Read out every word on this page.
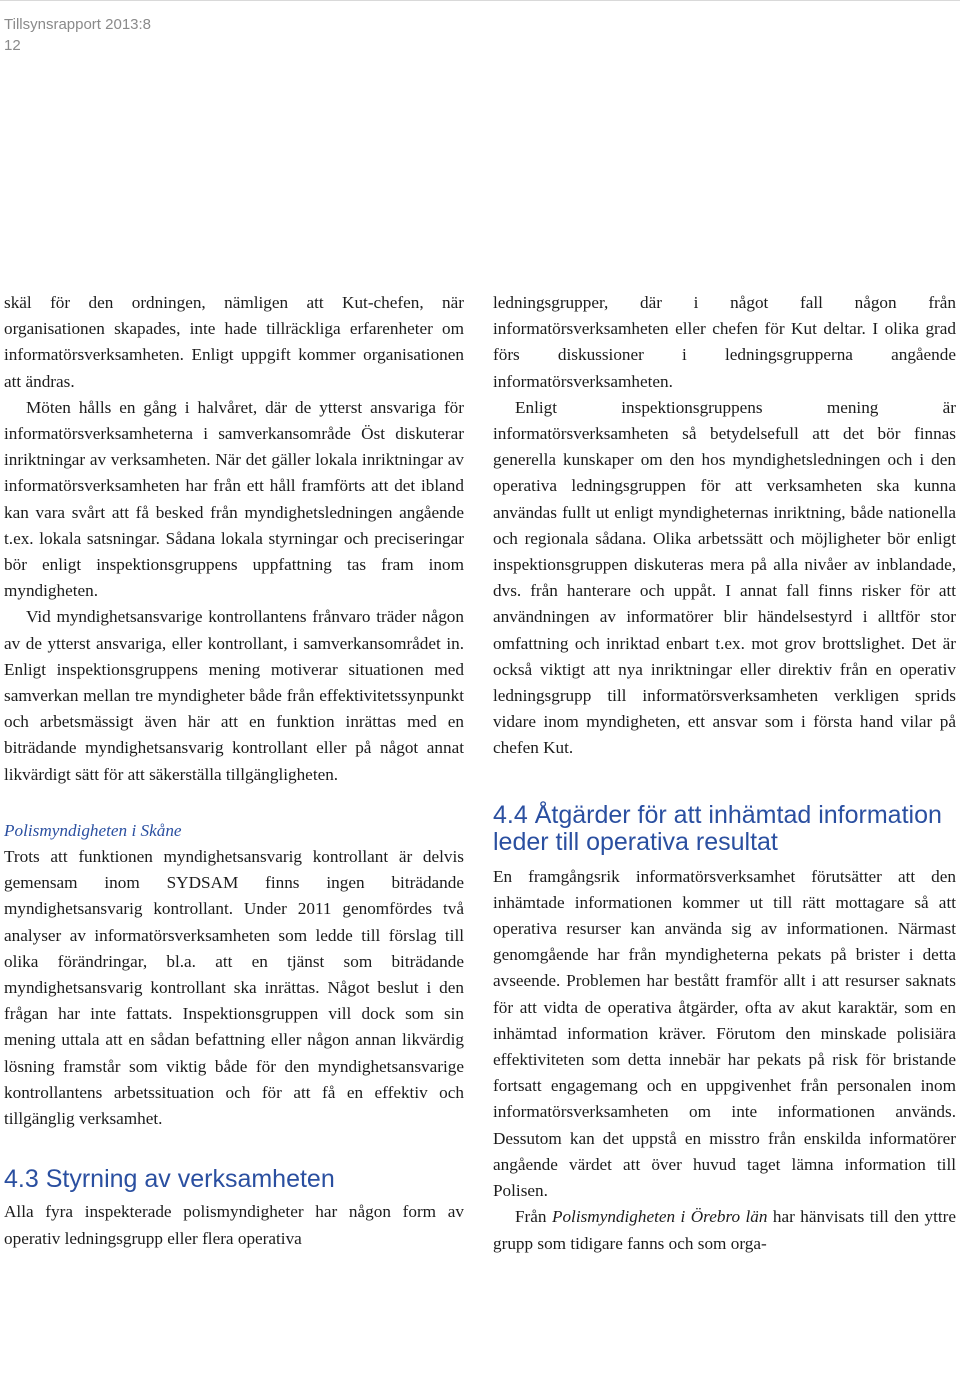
Tillsynsrapport 2013:8
12

skäl för den ordningen, nämligen att Kut-chefen, när organisationen skapades, inte hade tillräckliga erfarenheter om informatörsverksamheten. Enligt uppgift kommer organisationen att ändras.

Möten hålls en gång i halvåret, där de ytterst ansvariga för informatörsverksamheterna i samverkansområde Öst diskuterar inriktningar av verksamheten. När det gäller lokala inriktningar av informatörsverksamheten har från ett håll framförts att det ibland kan vara svårt att få besked från myndighetsledningen angående t.ex. lokala satsningar. Sådana lokala styrningar och preciseringar bör enligt inspektionsgruppens uppfattning tas fram inom myndigheten.

Vid myndighetsansvarige kontrollantens frånvaro träder någon av de ytterst ansvariga, eller kontrollant, i samverkansområdet in. Enligt inspektionsgruppens mening motiverar situationen med samverkan mellan tre myndigheter både från effektivitetssynpunkt och arbetsmässigt även här att en funktion inrättas med en biträdande myndighetsansvarig kontrollant eller på något annat likvärdigt sätt för att säkerställa tillgängligheten.

Polismyndigheten i Skåne

Trots att funktionen myndighetsansvarig kontrollant är delvis gemensam inom SYDSAM finns ingen biträdande myndighetsansvarig kontrollant. Under 2011 genomfördes två analyser av informatörsverksamheten som ledde till förslag till olika förändringar, bl.a. att en tjänst som biträdande myndighetsansvarig kontrollant ska inrättas. Något beslut i den frågan har inte fattats. Inspektionsgruppen vill dock som sin mening uttala att en sådan befattning eller någon annan likvärdig lösning framstår som viktig både för den myndighetsansvarige kontrollantens arbetssituation och för att få en effektiv och tillgänglig verksamhet.

4.3 Styrning av verksamheten

Alla fyra inspekterade polismyndigheter har någon form av operativ ledningsgrupp eller flera operativa

ledningsgrupper, där i något fall någon från informatörsverksamheten eller chefen för Kut deltar. I olika grad förs diskussioner i ledningsgrupperna angående informatörsverksamheten.

Enligt inspektionsgruppens mening är informatörsverksamheten så betydelsefull att det bör finnas generella kunskaper om den hos myndighetsledningen och i den operativa ledningsgruppen för att verksamheten ska kunna användas fullt ut enligt myndigheternas inriktning, både nationella och regionala sådana. Olika arbetssätt och möjligheter bör enligt inspektionsgruppen diskuteras mera på alla nivåer av inblandade, dvs. från hanterare och uppåt. I annat fall finns risker för att användningen av informatörer blir händelsestyrd i alltför stor omfattning och inriktad enbart t.ex. mot grov brottslighet. Det är också viktigt att nya inriktningar eller direktiv från en operativ ledningsgrupp till informatörsverksamheten verkligen sprids vidare inom myndigheten, ett ansvar som i första hand vilar på chefen Kut.

4.4 Åtgärder för att inhämtad information leder till operativa resultat

En framgångsrik informatörsverksamhet förutsätter att den inhämtade informationen kommer ut till rätt mottagare så att operativa resurser kan använda sig av informationen. Närmast genomgående har från myndigheterna pekats på brister i detta avseende. Problemen har bestått framför allt i att resurser saknats för att vidta de operativa åtgärder, ofta av akut karaktär, som en inhämtad information kräver. Förutom den minskade polisiära effektiviteten som detta innebär har pekats på risk för bristande fortsatt engagemang och en uppgivenhet från personalen inom informatörsverksamheten om inte informationen används. Dessutom kan det uppstå en misstro från enskilda informatörer angående värdet att över huvud taget lämna information till Polisen.

Från Polismyndigheten i Örebro län har hänvisats till den yttre grupp som tidigare fanns och som orga-
